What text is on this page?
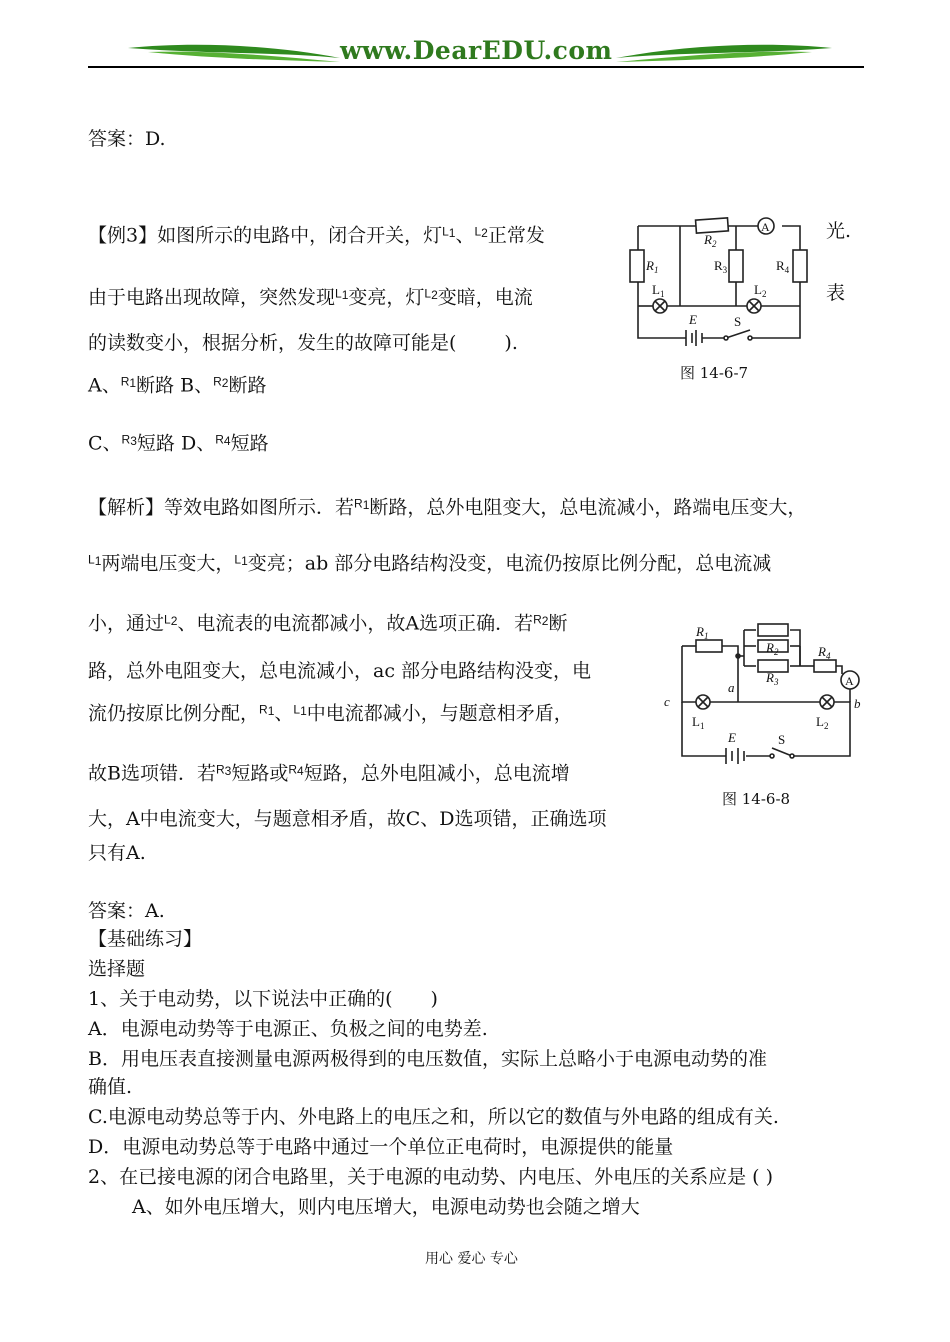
www.DearEDU.com
答案：D.
【例3】如图所示的电路中，闭合开关，灯$^{L_1}$、$^{L_2}$正常发	光.
由于电路出现故障，突然发现$^{L_1}$变亮，灯$^{L_2}$变暗，电流	表
的读数变小，根据分析，发生的故障可能是(	).
A、$^{R_1}$断路 B、$^{R_2}$断路
C、$^{R_3}$短路 D、$^{R_4}$短路
$R_1$
$R_2$
$R_3$	$R_4$
$L_1$	$L_2$
A
E	S
图 14-6-7
【解析】等效电路如图所示．若$^{R_1}$断路，总外电阻变大，总电流减小，路端电压变大，
$^{L_1}$两端电压变大，$^{L_1}$变亮；ab 部分电路结构没变，电流仍按原比例分配，总电流减
小，通过$^{L_2}$、电流表的电流都减小，故A选项正确．若$^{R_2}$断
路，总外电阻变大，总电流减小，ac 部分电路结构没变，电
流仍按原比例分配，$^{R_1}$、$^{L_1}$中电流都减小，与题意相矛盾，
故B选项错．若$^{R_3}$短路或$^{R_4}$短路，总外电阻减小，总电流增
大，A中电流变大，与题意相矛盾，故C、D选项错，正确选项
只有A.
$R_1$
$R_2$
$R_3$
$R_4$
c
a
b
$L_1$	$L_2$
A
E	S
图 14-6-8
答案：A.
【基础练习】
选择题
1、关于电动势，以下说法中正确的( )
A．电源电动势等于电源正、负极之间的电势差.
B．用电压表直接测量电源两极得到的电压数值，实际上总略小于电源电动势的准
确值.
C.电源电动势总等于内、外电路上的电压之和，所以它的数值与外电路的组成有关.
D．电源电动势总等于电路中通过一个单位正电荷时，电源提供的能量
2、在已接电源的闭合电路里，关于电源的电动势、内电压、外电压的关系应是 ( )
A、如外电压增大，则内电压增大，电源电动势也会随之增大
用心 爱心 专心
